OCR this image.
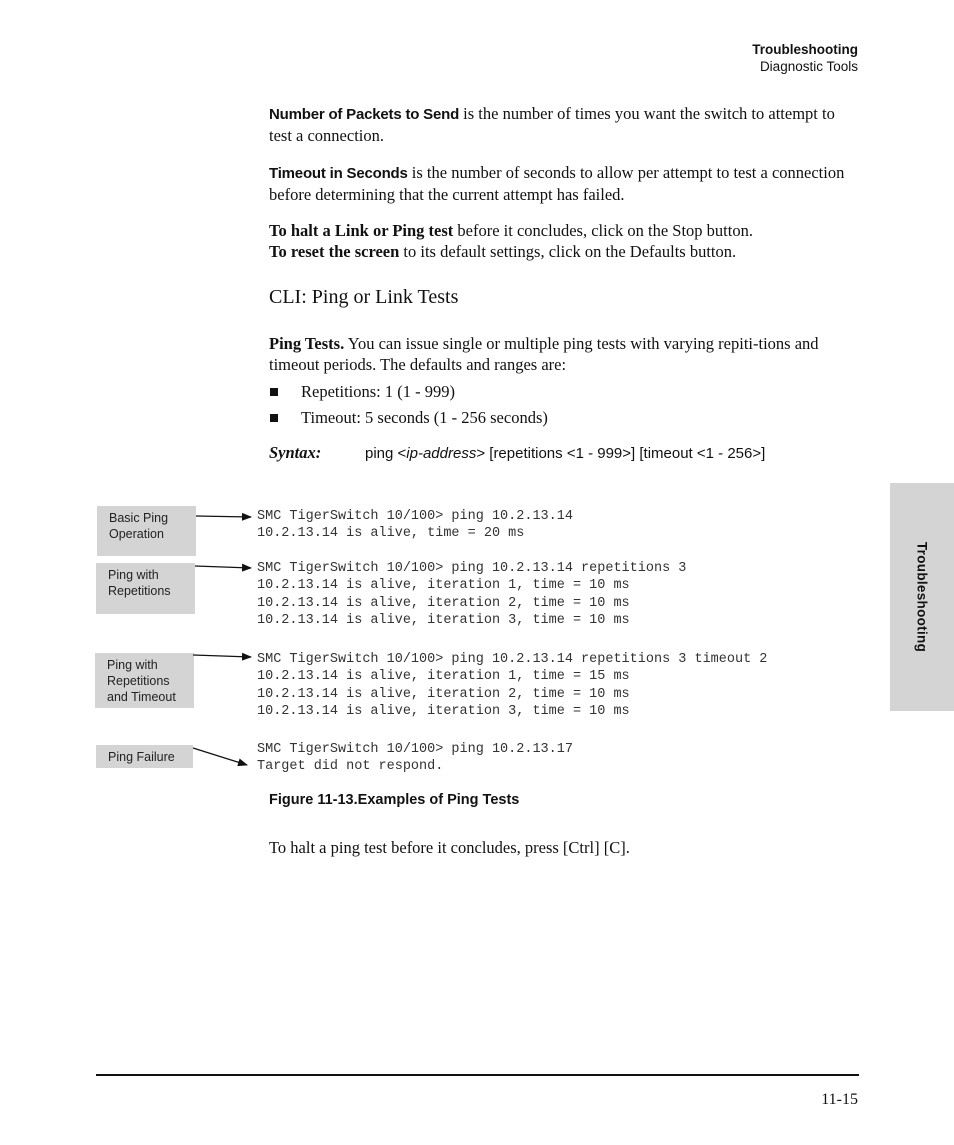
Troubleshooting
Diagnostic Tools
Troubleshooting

Number of Packets to Send is the number of times you want the switch to attempt to test a connection.

Timeout in Seconds is the number of seconds to allow per attempt to test a connection before determining that the current attempt has failed.

To halt a Link or Ping test before it concludes, click on the Stop button.

To reset the screen to its default settings, click on the Defaults button.

CLI: Ping or Link Tests

Ping Tests. You can issue single or multiple ping tests with varying repiti-tions and timeout periods. The defaults and ranges are:

Repetitions: 1 (1 - 999)
Timeout: 5 seconds (1 - 256 seconds)
Syntax:	ping <ip-address> [repetitions <1 - 999>] [timeout <1 - 256>]
Basic Ping
Operation
Ping with
Repetitions
Ping with
Repetitions
and Timeout
Ping Failure
SMC TigerSwitch 10/100> ping 10.2.13.14
10.2.13.14 is alive, time = 20 ms
SMC TigerSwitch 10/100> ping 10.2.13.14 repetitions 3
10.2.13.14 is alive, iteration 1, time = 10 ms
10.2.13.14 is alive, iteration 2, time = 10 ms
10.2.13.14 is alive, iteration 3, time = 10 ms
SMC TigerSwitch 10/100> ping 10.2.13.14 repetitions 3 timeout 2
10.2.13.14 is alive, iteration 1, time = 15 ms
10.2.13.14 is alive, iteration 2, time = 10 ms
10.2.13.14 is alive, iteration 3, time = 10 ms
SMC TigerSwitch 10/100> ping 10.2.13.17
Target did not respond.
Figure 11-13.Examples of Ping Tests
To halt a ping test before it concludes, press [Ctrl] [C].
11-15
